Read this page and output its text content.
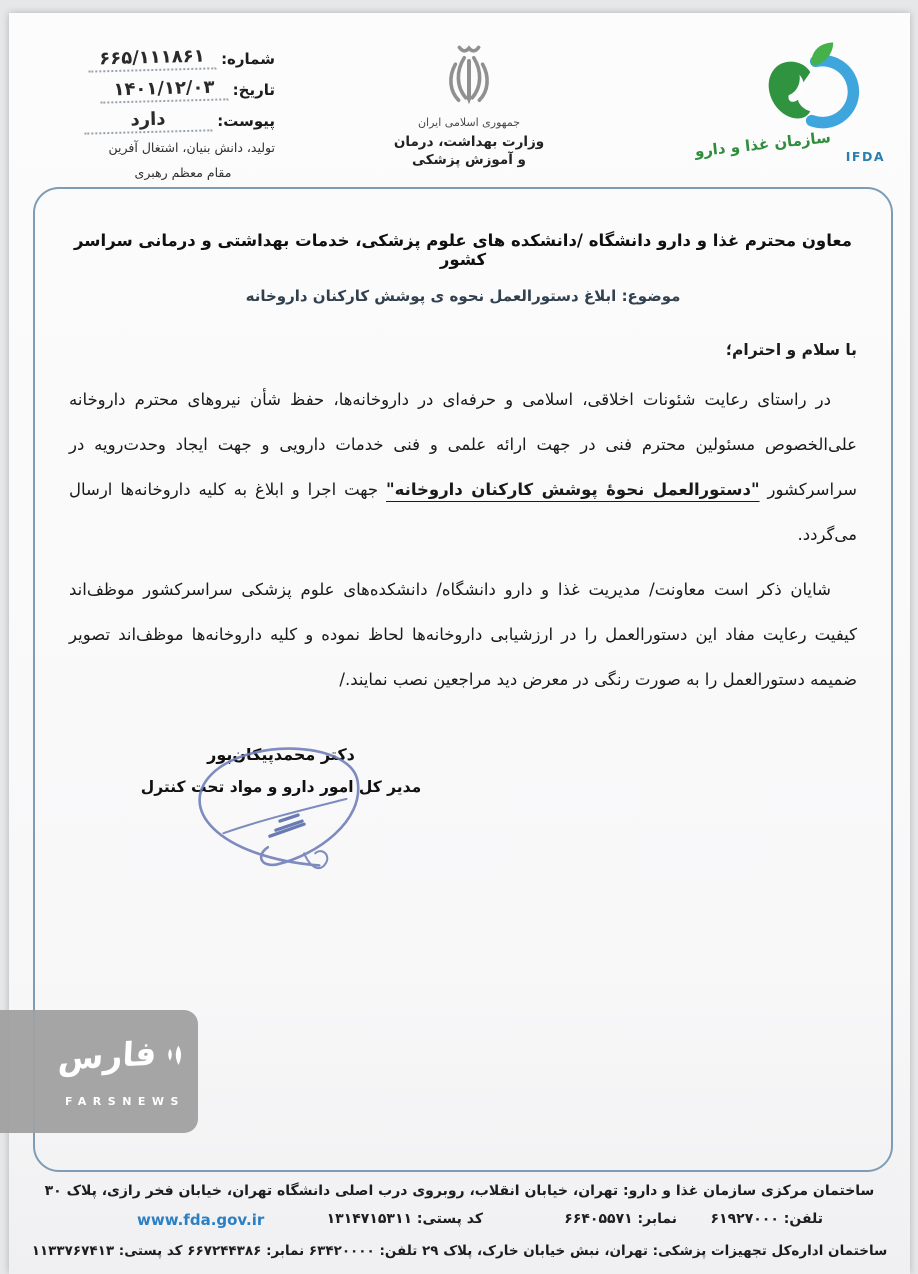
شماره:
۶۶۵/۱۱۱۸۶۱
تاریخ:
۱۴۰۱/۱۲/۰۳
پیوست:
دارد
تولید، دانش بنیان، اشتغال آفرین
مقام معظم رهبری
جمهوری اسلامی ایران
وزارت بهداشت، درمان
و آموزش پزشکی	سازمان غذا و دارو IFDA
معاون محترم غذا و دارو دانشگاه /دانشکده های علوم پزشکی، خدمات بهداشتی و درمانی سراسر کشور
موضوع: ابلاغ دستورالعمل نحوه ی پوشش کارکنان داروخانه
با سلام و احترام؛

در راستای رعایت شئونات اخلاقی، اسلامی و حرفه‌ای در داروخانه‌ها، حفظ شأن نیروهای محترم داروخانه علی‌الخصوص مسئولین محترم فنی در جهت ارائه علمی و فنی خدمات دارویی و جهت ایجاد وحدت‌رویه در سراسرکشور "دستورالعمل نحوۀ پوشش کارکنان داروخانه" جهت اجرا و ابلاغ به کلیه داروخانه‌ها ارسال می‌گردد.

شایان ذکر است معاونت/ مدیریت غذا و دارو دانشگاه/ دانشکده‌های علوم پزشکی سراسرکشور موظف‌اند کیفیت رعایت مفاد این دستورالعمل را در ارزشیابی داروخانه‌ها لحاظ نموده و کلیه داروخانه‌ها موظف‌اند تصویر ضمیمه دستورالعمل را به صورت رنگی در معرض دید مراجعین نصب نمایند./

دکتر محمدپیکان‌پور
مدیر کل امور دارو و مواد تحت کنترل
فارس
FARSNEWS
ساختمان مرکزی سازمان غذا و دارو: تهران، خیابان انقلاب، روبروی درب اصلی دانشگاه تهران، خیابان فخر رازی، پلاک ۳۰
تلفن: ۶۱۹۲۷۰۰۰
نمابر: ۶۶۴۰۵۵۷۱
کد پستی: ۱۳۱۴۷۱۵۳۱۱
www.fda.gov.ir
ساختمان اداره‌کل تجهیزات پزشکی: تهران، نبش خیابان خارک، پلاک ۲۹ تلفن: ۶۳۴۲۰۰۰۰ نمابر: ۶۶۷۲۴۴۳۸۶ کد پستی: ۱۱۳۳۷۶۷۴۱۳
